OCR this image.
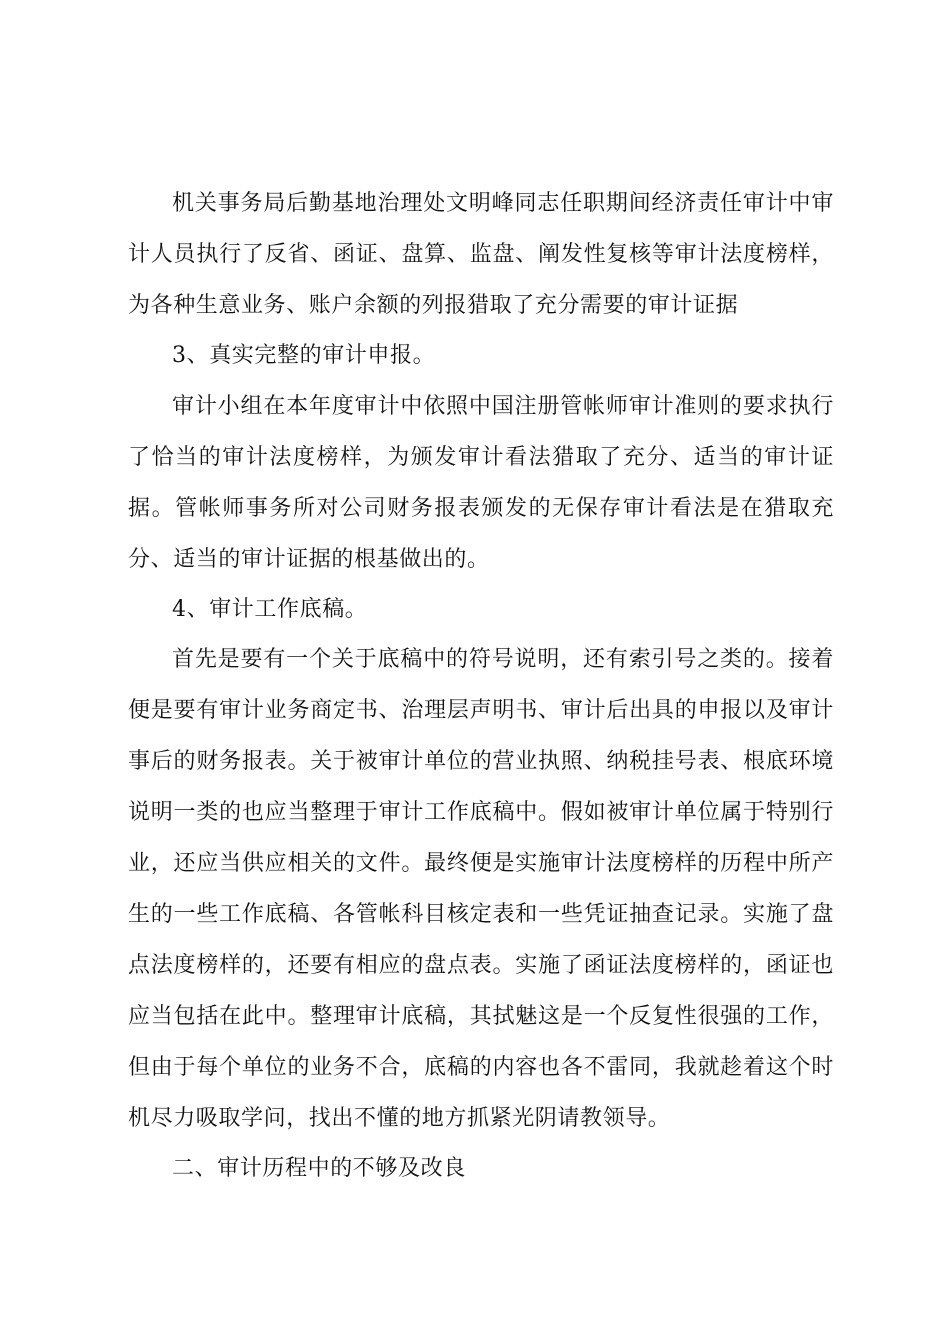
机关事务局后勤基地治理处文明峰同志任职期间经济责任审计中审计人员执行了反省、函证、盘算、监盘、阐发性复核等审计法度榜样，为各种生意业务、账户余额的列报猎取了充分需要的审计证据

3、真实完整的审计申报。

审计小组在本年度审计中依照中国注册管帐师审计准则的要求执行了恰当的审计法度榜样，为颁发审计看法猎取了充分、适当的审计证据。管帐师事务所对公司财务报表颁发的无保存审计看法是在猎取充分、适当的审计证据的根基做出的。

4、审计工作底稿。

首先是要有一个关于底稿中的符号说明，还有索引号之类的。接着便是要有审计业务商定书、治理层声明书、审计后出具的申报以及审计事后的财务报表。关于被审计单位的营业执照、纳税挂号表、根底环境说明一类的也应当整理于审计工作底稿中。假如被审计单位属于特别行业，还应当供应相关的文件。最终便是实施审计法度榜样的历程中所产生的一些工作底稿、各管帐科目核定表和一些凭证抽查记录。实施了盘点法度榜样的，还要有相应的盘点表。实施了函证法度榜样的，函证也应当包括在此中。整理审计底稿，其拭魅这是一个反复性很强的工作，但由于每个单位的业务不合，底稿的内容也各不雷同，我就趁着这个时机尽力吸取学问，找出不懂的地方抓紧光阴请教领导。

二、审计历程中的不够及改良
